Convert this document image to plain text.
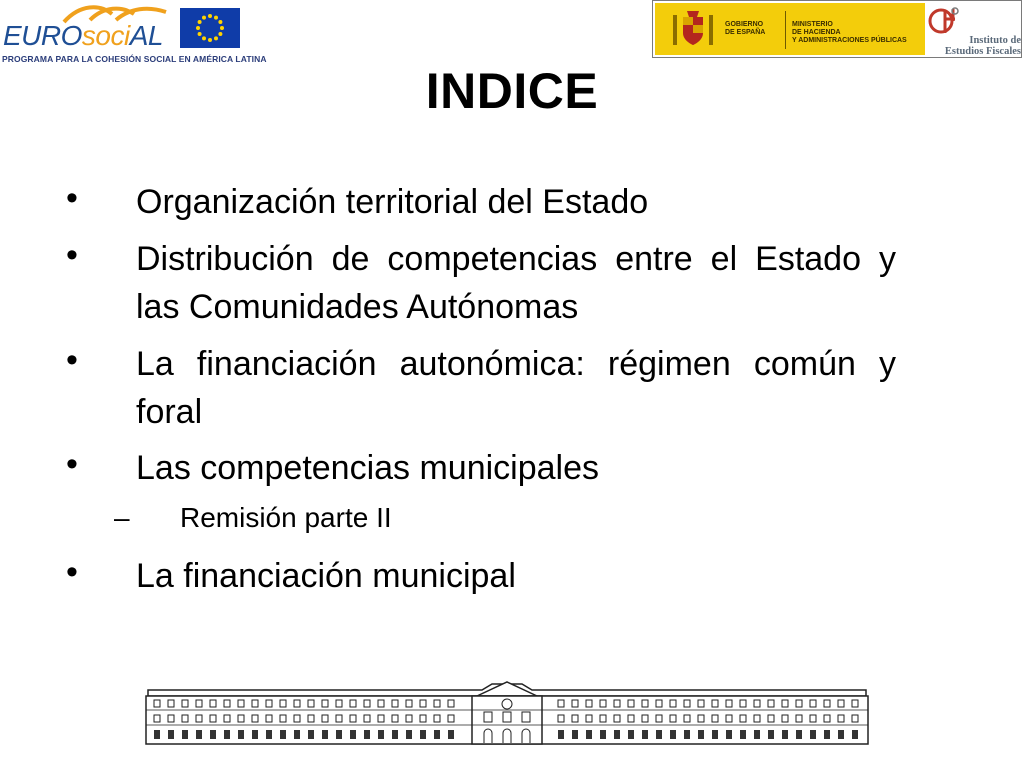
EUROsociAL
PROGRAMA PARA LA COHESIÓN SOCIAL EN AMÉRICA LATINA
GOBIERNO
DE ESPAÑA
MINISTERIO
DE HACIENDA
Y ADMINISTRACIONES PÚBLICAS	Instituto de
Estudios Fiscales
INDICE
• Organización territorial del Estado
• Distribución de competencias entre el Estado y las Comunidades Autónomas
• La financiación autonómica: régimen común y foral
• Las competencias municipales
– Remisión parte II
• La financiación municipal
